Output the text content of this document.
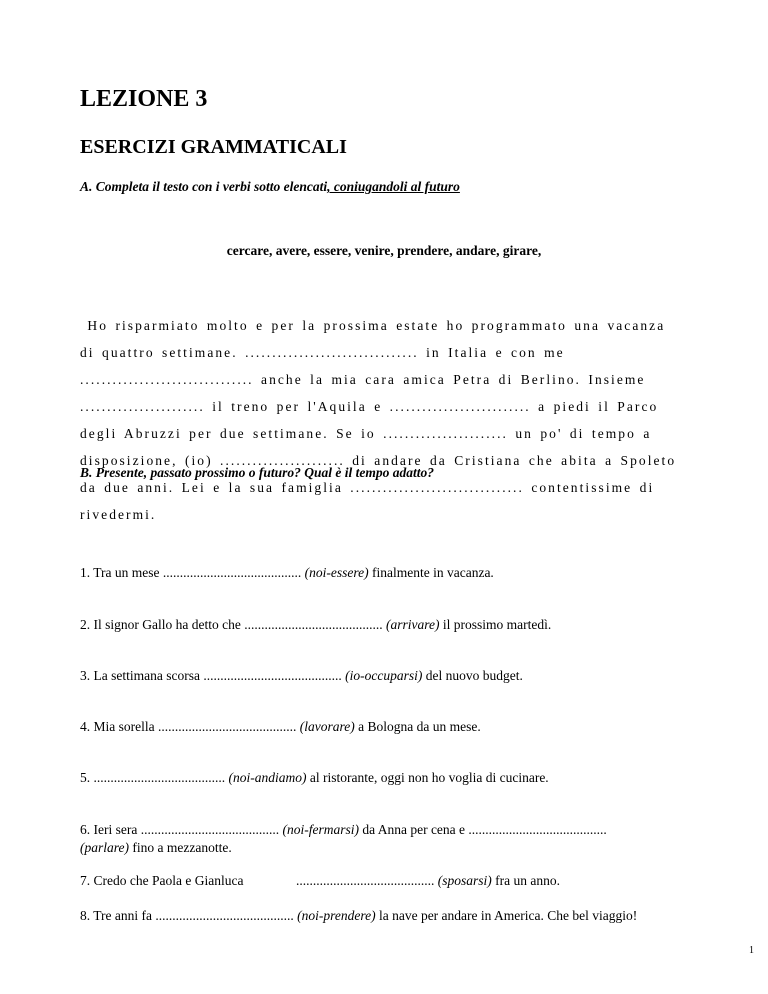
LEZIONE 3
ESERCIZI GRAMMATICALI

A. Completa il testo con i verbi sotto elencati, coniugandoli al futuro

cercare, avere, essere, venire, prendere, andare, girare,

Ho risparmiato molto e per la prossima estate ho programmato una vacanza
di quattro settimane. ................................ in Italia e con me
................................ anche la mia cara amica Petra di Berlino. Insieme
....................... il treno per l'Aquila e .......................... a piedi il Parco
degli Abruzzi per due settimane. Se io ....................... un po' di tempo a
disposizione, (io) ....................... di andare da Cristiana che abita a Spoleto
da due anni. Lei e la sua famiglia ................................ contentissime di
rivedermi.

B. Presente, passato prossimo o futuro? Qual è il tempo adatto?

1. Tra un mese ......................................... (noi-essere) finalmente in vacanza.

2. Il signor Gallo ha detto che ......................................... (arrivare) il prossimo martedì.

3. La settimana scorsa ......................................... (io-occuparsi) del nuovo budget.

4. Mia sorella ......................................... (lavorare) a Bologna da un mese.

5. ....................................... (noi-andiamo) al ristorante, oggi non ho voglia di cucinare.

6. Ieri sera ......................................... (noi-fermarsi) da Anna per cena e .........................................
(parlare) fino a mezzanotte.

7. Credo che Paola e Gianluca	......................................... (sposarsi) fra un anno.

8. Tre anni fa ......................................... (noi-prendere) la nave per andare in America. Che bel viaggio!

1
